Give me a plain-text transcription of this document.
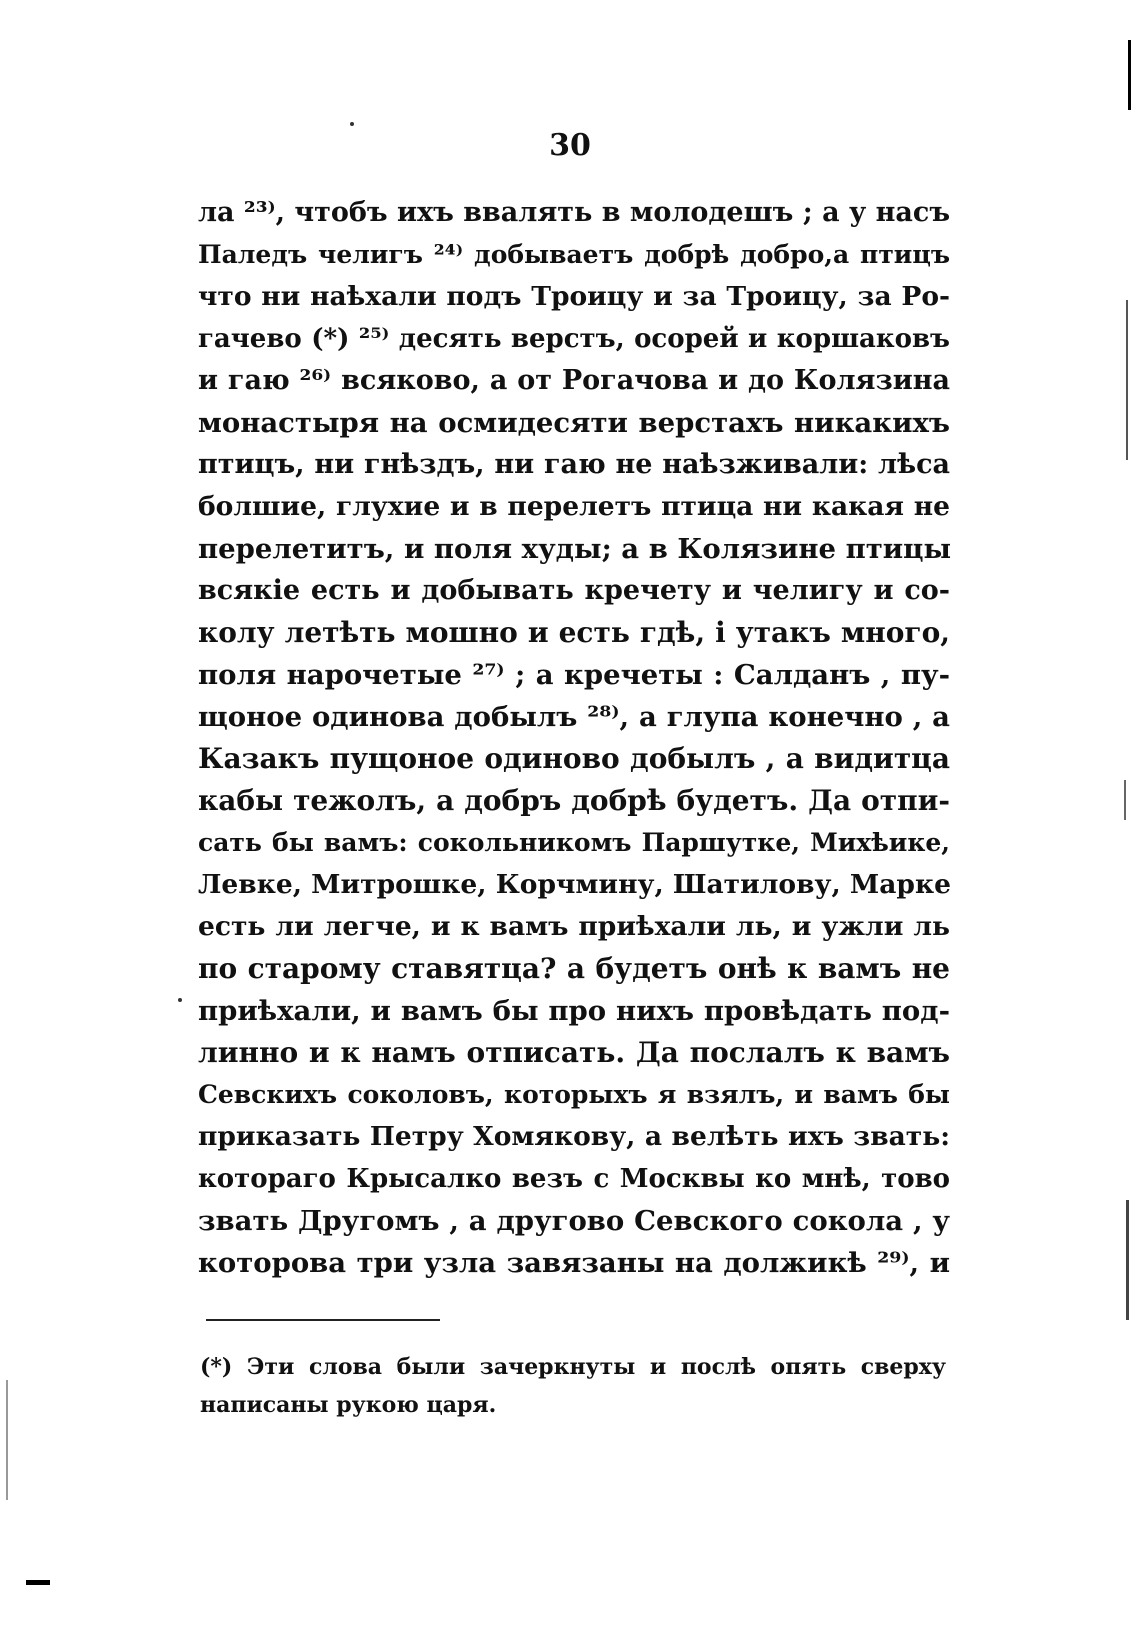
30
ла ²³⁾, чтобъ ихъ ввалять в молодешъ ; а у насъ
Паледъ челигъ ²⁴⁾ добываетъ добрѣ добро,а птицъ
что ни наѣхали подъ Троицу и за Троицу, за Ро-
гачево (*) ²⁵⁾ десять верстъ, осорей и коршаковъ
и гаю ²⁶⁾ всяково, а от Рогачова и до Колязина
монастыря на осмидесяти верстахъ никакихъ
птицъ, ни гнѣздъ, ни гаю не наѣзживали: лѣса
болшие, глухие и в перелетъ птица ни какая не
перелетитъ, и поля худы; а в Колязине птицы
всякіе есть и добывать кречету и челигу и со-
колу летѣть мошно и есть гдѣ, і утакъ много,
поля нарочетые ²⁷⁾ ; а кречеты : Салданъ , пу-
щоное одинова добылъ ²⁸⁾, а глупа конечно , а
Казакъ пущоное одиново добылъ , а видитца
кабы тежолъ, а добръ добрѣ будетъ. Да отпи-
сать бы вамъ: сокольникомъ Паршутке, Михѣике,
Левке, Митрошке, Корчмину, Шатилову, Марке
есть ли легче, и к вамъ приѣхали ль, и ужли ль
по старому ставятца? а будетъ онѣ к вамъ не
приѣхали, и вамъ бы про нихъ провѣдать под-
линно и к намъ отписать. Да послалъ к вамъ
Севскихъ соколовъ, которыхъ я взялъ, и вамъ бы
приказать Петру Хомякову, а велѣть ихъ звать:
котораго Крысалко везъ с Москвы ко мнѣ, тово
звать Другомъ , а другово Севского сокола , у
которова три узла завязаны на должикѣ ²⁹⁾, и
(*) Эти слова были зачеркнуты и послѣ опять сверху
написаны рукою царя.
